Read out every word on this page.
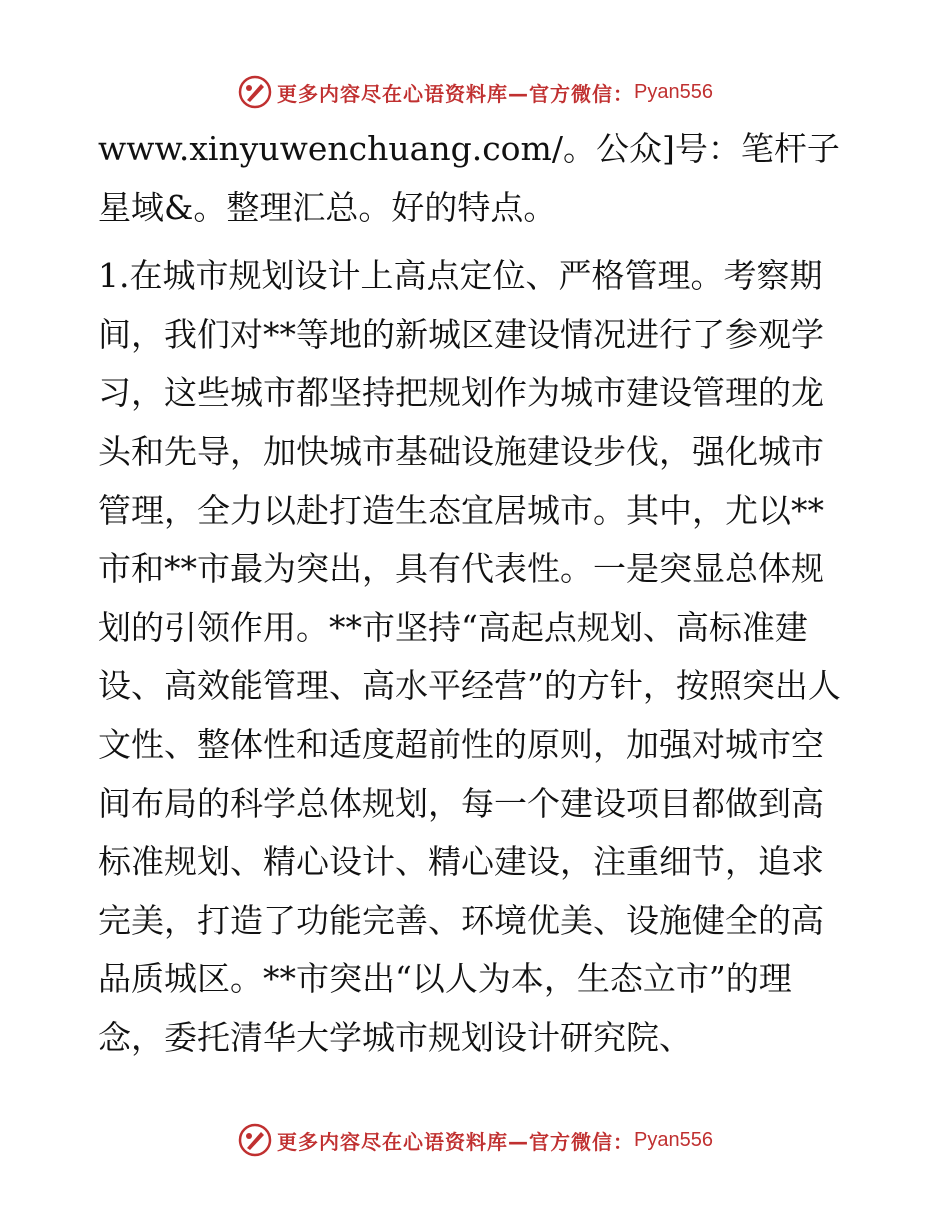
更多内容尽在心语资料库—官方微信： Pyan556

www.xinyuwenchuang.com/。公众]号：笔杆子星域&。整理汇总。好的特点。

1.在城市规划设计上高点定位、严格管理。考察期间，我们对**等地的新城区建设情况进行了参观学习，这些城市都坚持把规划作为城市建设管理的龙头和先导，加快城市基础设施建设步伐，强化城市管理，全力以赴打造生态宜居城市。其中，尤以**市和**市最为突出，具有代表性。一是突显总体规划的引领作用。**市坚持“高起点规划、高标准建设、高效能管理、高水平经营”的方针，按照突出人文性、整体性和适度超前性的原则，加强对城市空间布局的科学总体规划，每一个建设项目都做到高标准规划、精心设计、精心建设，注重细节，追求完美，打造了功能完善、环境优美、设施健全的高品质城区。**市突出“以人为本，生态立市”的理念，委托清华大学城市规划设计研究院、

更多内容尽在心语资料库—官方微信： Pyan556
